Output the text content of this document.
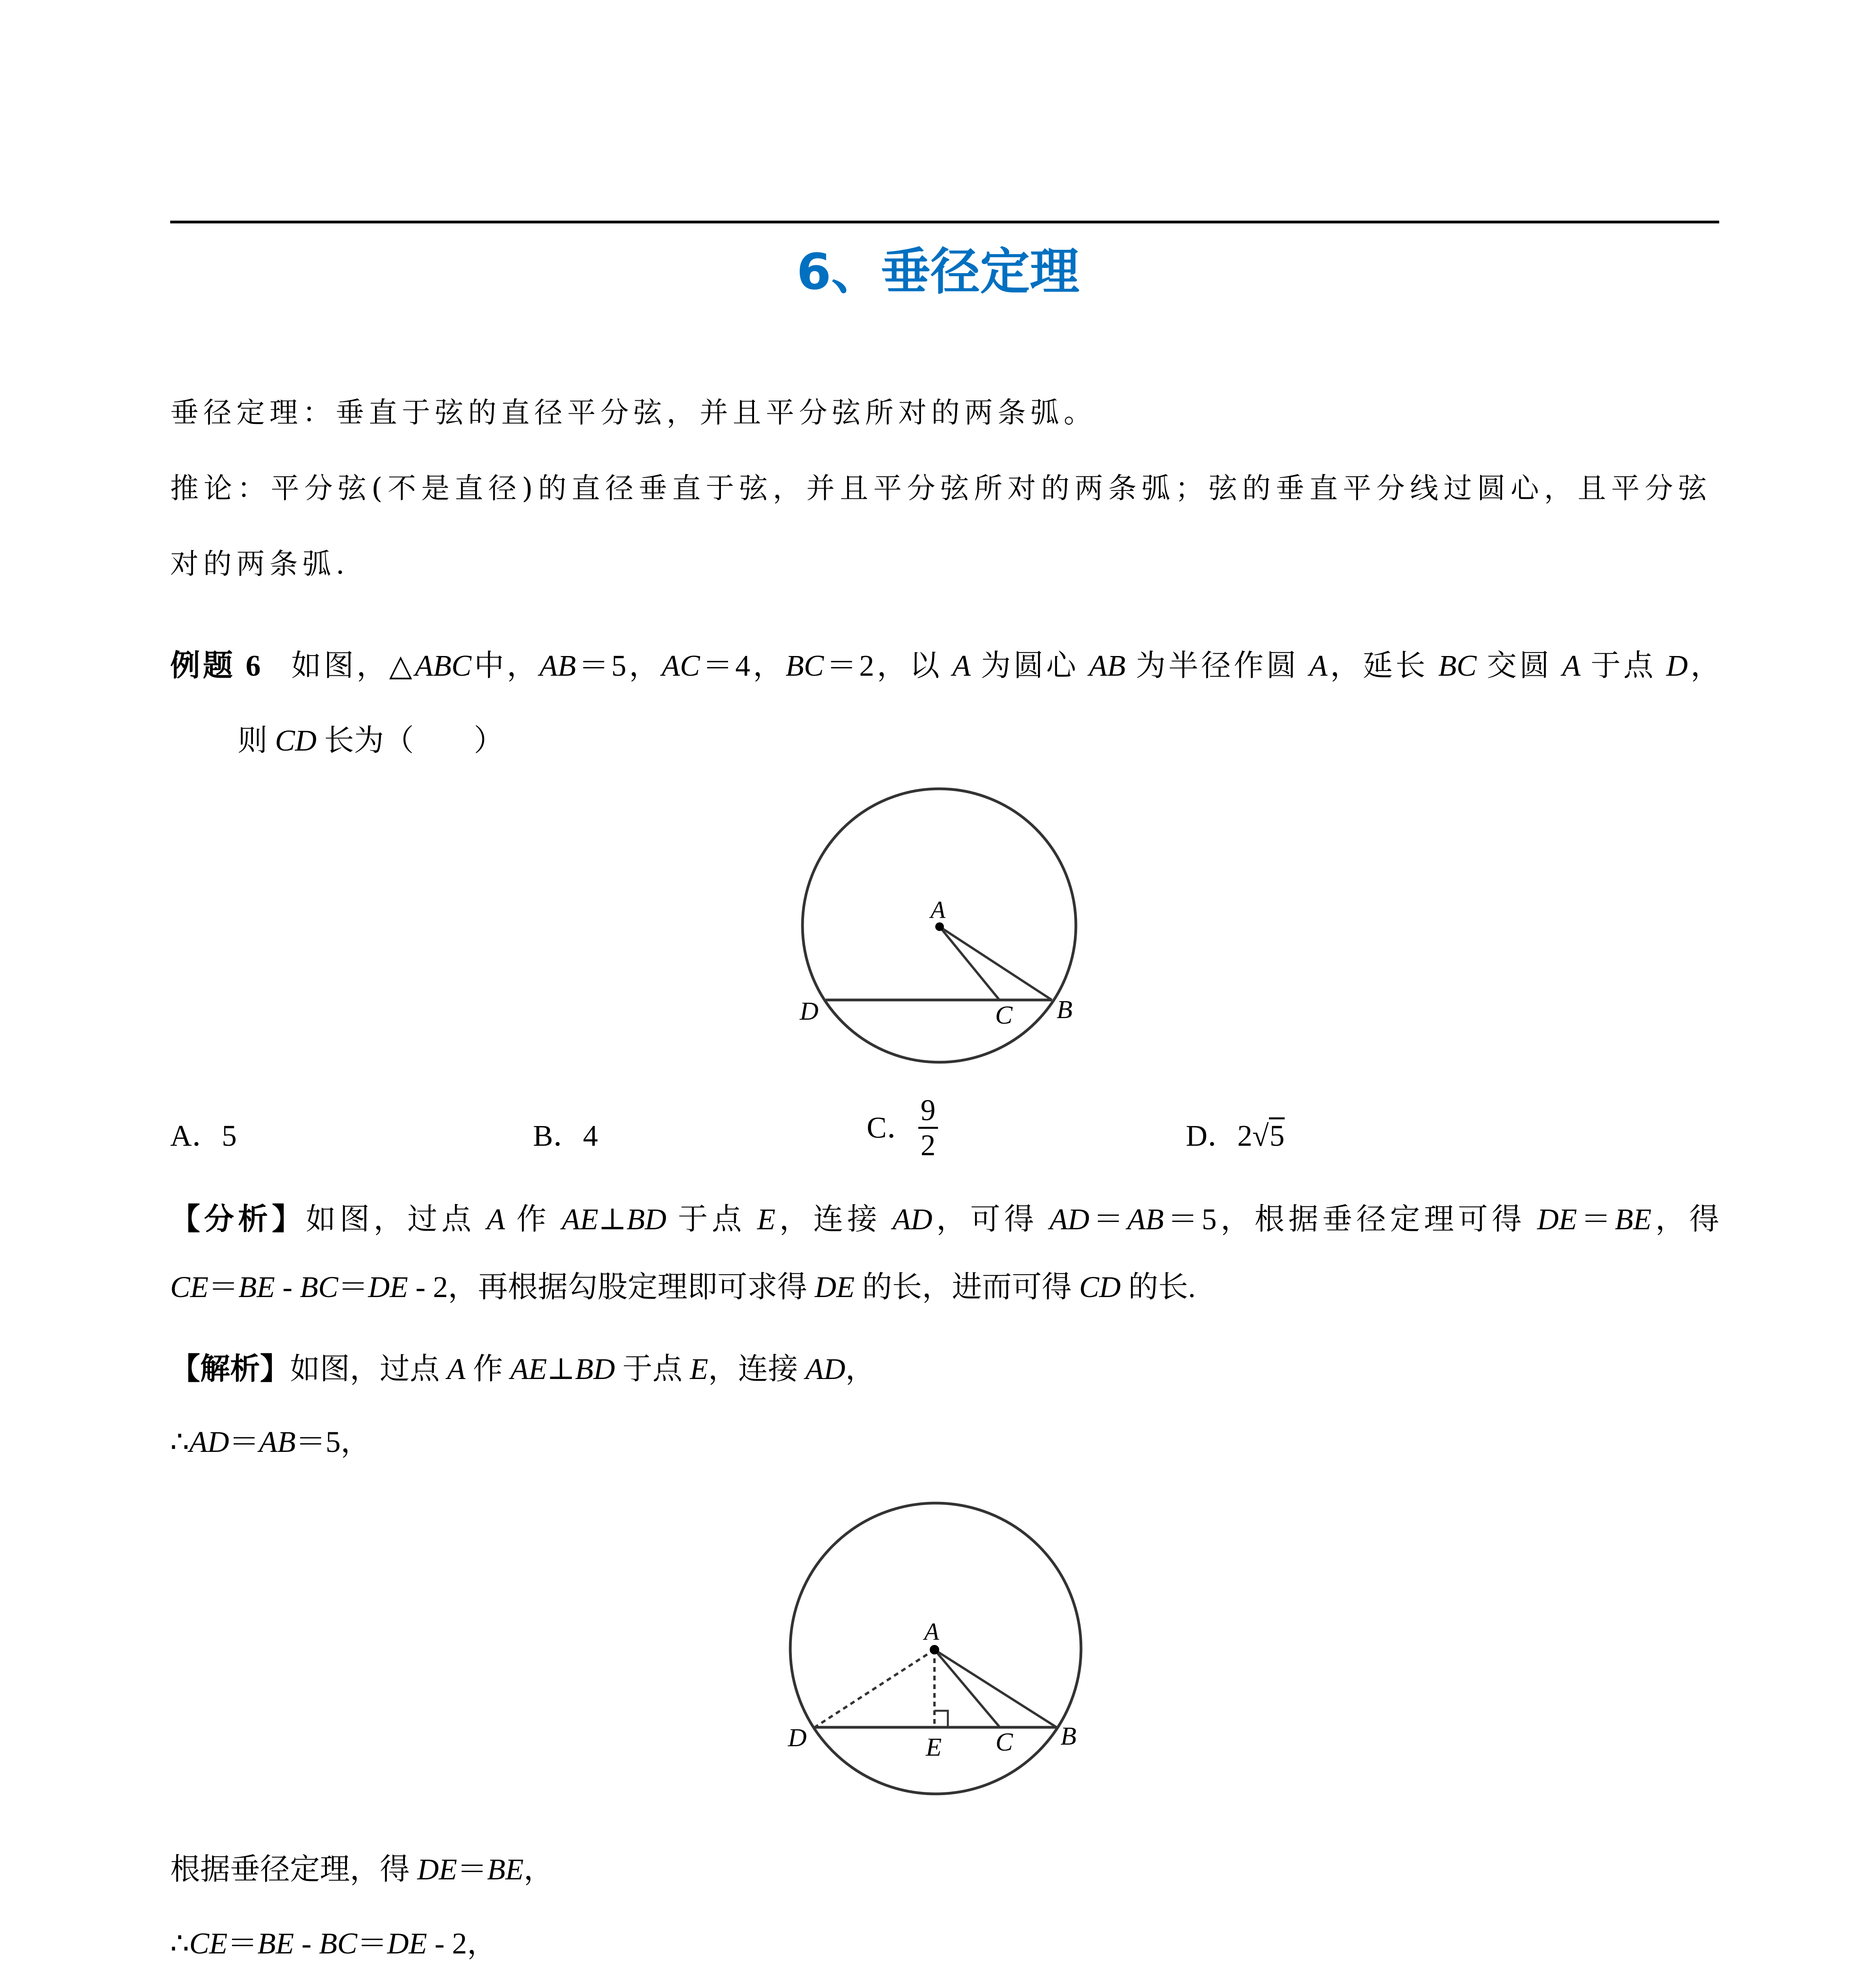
6、垂径定理
垂径定理：垂直于弦的直径平分弦，并且平分弦所对的两条弧。
推论：平分弦(不是直径)的直径垂直于弦，并且平分弦所对的两条弧；弦的垂直平分线过圆心，且平分弦
对的两条弧.
例题 6 如图，△ABC中，AB＝5，AC＝4，BC＝2，以 A 为圆心 AB 为半径作圆 A，延长 BC 交圆 A 于点 D，
则 CD 长为（　　）
A
D	C B
A．5	B．4	C． $\frac{9}{2}$	D．2√5
【分析】如图，过点 A 作 AE⊥BD 于点 E，连接 AD，可得 AD＝AB＝5，根据垂径定理可得 DE＝BE，得
CE＝BE - BC＝DE - 2，再根据勾股定理即可求得 DE 的长，进而可得 CD 的长.
【解析】如图，过点 A 作 AE⊥BD 于点 E，连接 AD，
∴AD＝AB＝5，
A
D	E C B
根据垂径定理，得 DE＝BE，
∴CE＝BE - BC＝DE - 2，
